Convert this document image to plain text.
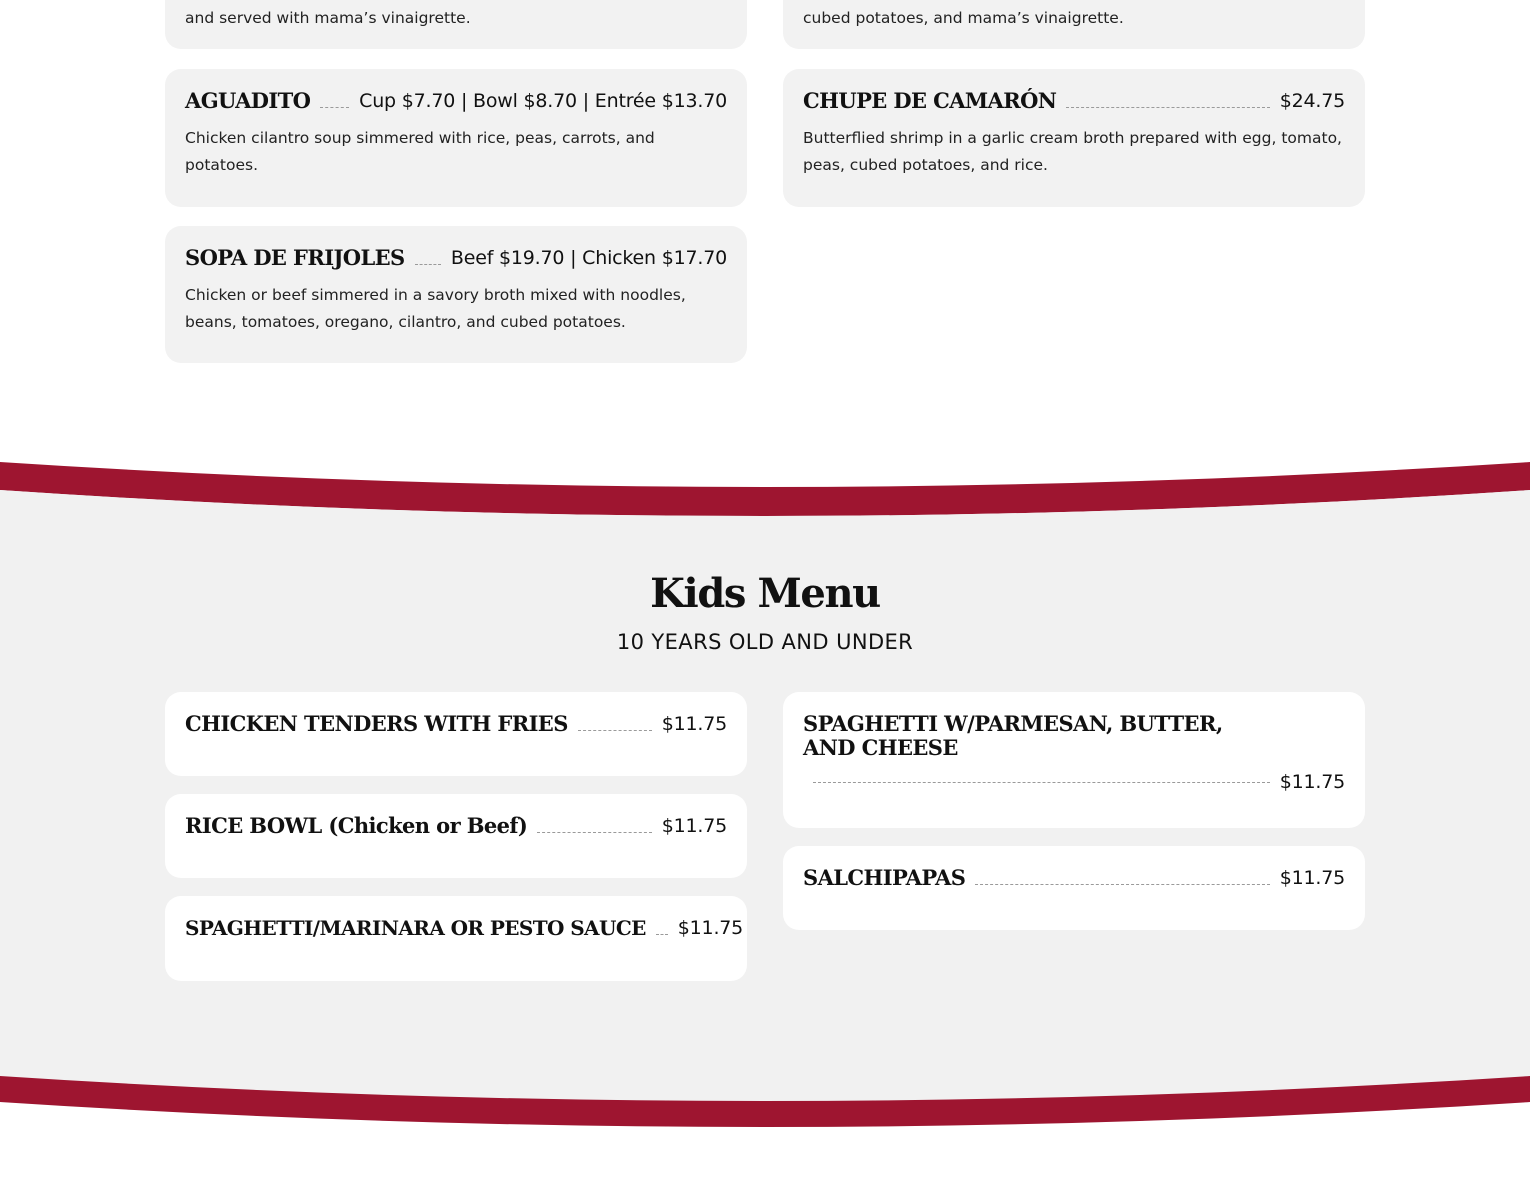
and served with mama’s vinaigrette.	cubed potatoes, and mama’s vinaigrette.
AGUADITO	Cup $7.70 | Bowl $8.70 | Entrée $13.70
Chicken cilantro soup simmered with rice, peas, carrots, and potatoes.
CHUPE DE CAMARÓN	$24.75
Butterflied shrimp in a garlic cream broth prepared with egg, tomato, peas, cubed potatoes, and rice.
SOPA DE FRIJOLES Beef $19.70 | Chicken $17.70
Chicken or beef simmered in a savory broth mixed with noodles, beans, tomatoes, oregano, cilantro, and cubed potatoes.
Kids Menu
10 YEARS OLD AND UNDER
CHICKEN TENDERS WITH FRIES	$11.75	SPAGHETTI W/PARMESAN, BUTTER, AND CHEESE
$11.75
RICE BOWL (Chicken or Beef)	$11.75
SALCHIPAPAS	$11.75
SPAGHETTI/MARINARA OR PESTO SAUCE $11.75
